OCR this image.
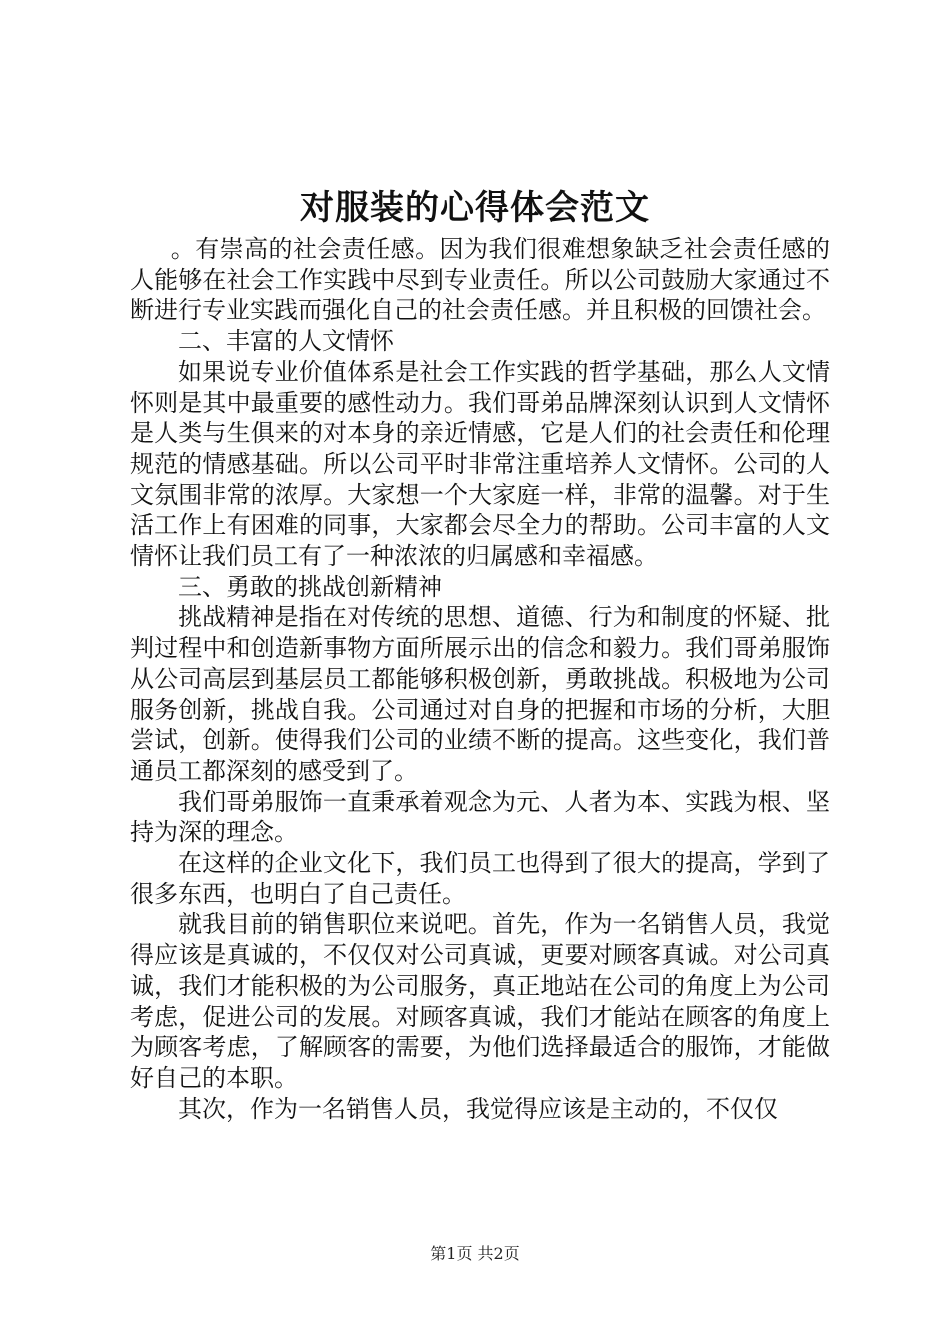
对服装的心得体会范文

。有崇高的社会责任感。因为我们很难想象缺乏社会责任感的人能够在社会工作实践中尽到专业责任。所以公司鼓励大家通过不断进行专业实践而强化自己的社会责任感。并且积极的回馈社会。

二、丰富的人文情怀

如果说专业价值体系是社会工作实践的哲学基础，那么人文情怀则是其中最重要的感性动力。我们哥弟品牌深刻认识到人文情怀是人类与生俱来的对本身的亲近情感，它是人们的社会责任和伦理规范的情感基础。所以公司平时非常注重培养人文情怀。公司的人文氛围非常的浓厚。大家想一个大家庭一样，非常的温馨。对于生活工作上有困难的同事，大家都会尽全力的帮助。公司丰富的人文情怀让我们员工有了一种浓浓的归属感和幸福感。

三、勇敢的挑战创新精神

挑战精神是指在对传统的思想、道德、行为和制度的怀疑、批判过程中和创造新事物方面所展示出的信念和毅力。我们哥弟服饰从公司高层到基层员工都能够积极创新，勇敢挑战。积极地为公司服务创新，挑战自我。公司通过对自身的把握和市场的分析，大胆尝试，创新。使得我们公司的业绩不断的提高。这些变化，我们普通员工都深刻的感受到了。

我们哥弟服饰一直秉承着观念为元、人者为本、实践为根、坚持为深的理念。

在这样的企业文化下，我们员工也得到了很大的提高，学到了很多东西，也明白了自己责任。

就我目前的销售职位来说吧。首先，作为一名销售人员，我觉得应该是真诚的，不仅仅对公司真诚，更要对顾客真诚。对公司真诚，我们才能积极的为公司服务，真正地站在公司的角度上为公司考虑，促进公司的发展。对顾客真诚，我们才能站在顾客的角度上为顾客考虑，了解顾客的需要，为他们选择最适合的服饰，才能做好自己的本职。

其次，作为一名销售人员，我觉得应该是主动的，不仅仅

第1页 共2页
